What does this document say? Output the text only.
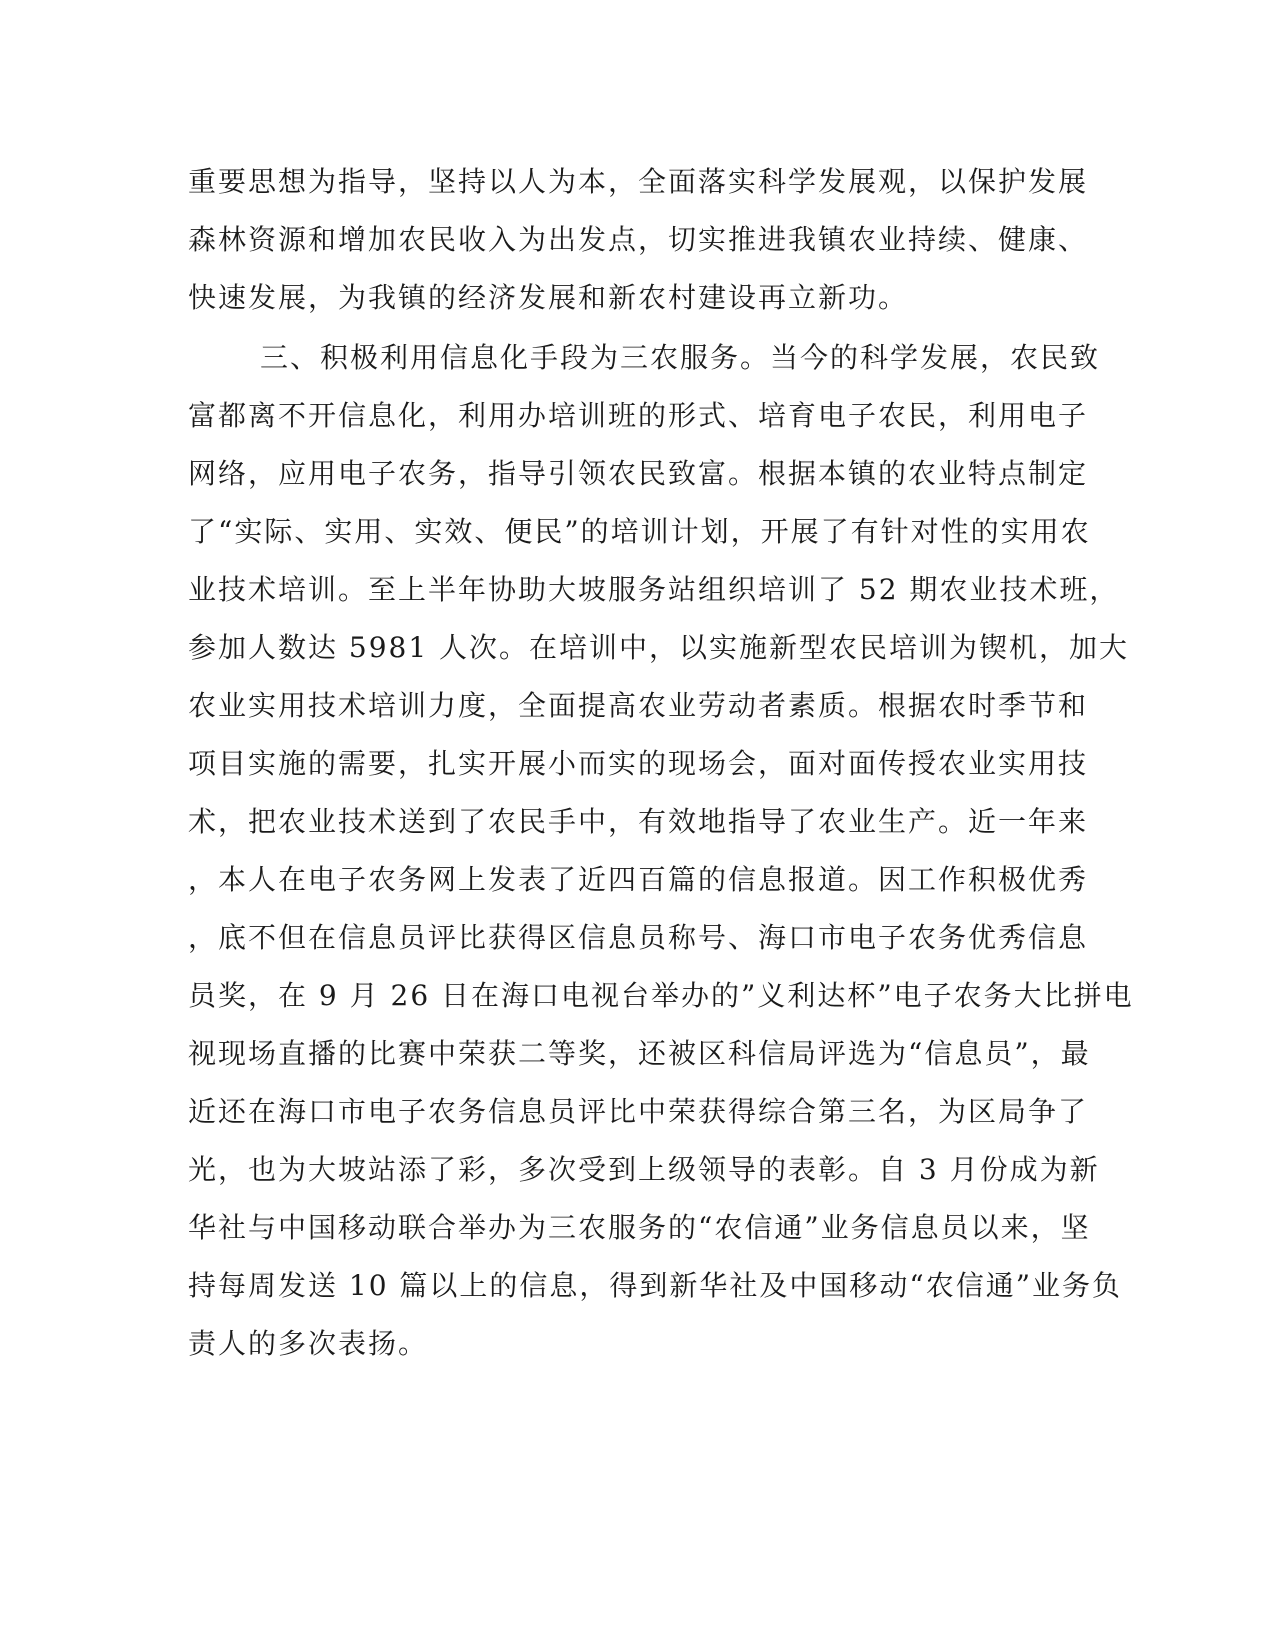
重要思想为指导，坚持以人为本，全面落实科学发展观，以保护发展
森林资源和增加农民收入为出发点，切实推进我镇农业持续、健康、
快速发展，为我镇的经济发展和新农村建设再立新功。
三、积极利用信息化手段为三农服务。当今的科学发展，农民致
富都离不开信息化，利用办培训班的形式、培育电子农民，利用电子
网络，应用电子农务，指导引领农民致富。根据本镇的农业特点制定
了“实际、实用、实效、便民”的培训计划，开展了有针对性的实用农
业技术培训。至上半年协助大坡服务站组织培训了 52 期农业技术班，
参加人数达 5981 人次。在培训中，以实施新型农民培训为锲机，加大
农业实用技术培训力度，全面提高农业劳动者素质。根据农时季节和
项目实施的需要，扎实开展小而实的现场会，面对面传授农业实用技
术，把农业技术送到了农民手中，有效地指导了农业生产。近一年来
，本人在电子农务网上发表了近四百篇的信息报道。因工作积极优秀
，底不但在信息员评比获得区信息员称号、海口市电子农务优秀信息
员奖，在 9 月 26 日在海口电视台举办的”义利达杯”电子农务大比拼电
视现场直播的比赛中荣获二等奖，还被区科信局评选为“信息员”，最
近还在海口市电子农务信息员评比中荣获得综合第三名，为区局争了
光，也为大坡站添了彩，多次受到上级领导的表彰。自 3 月份成为新
华社与中国移动联合举办为三农服务的“农信通”业务信息员以来，坚
持每周发送 10 篇以上的信息，得到新华社及中国移动“农信通”业务负
责人的多次表扬。
